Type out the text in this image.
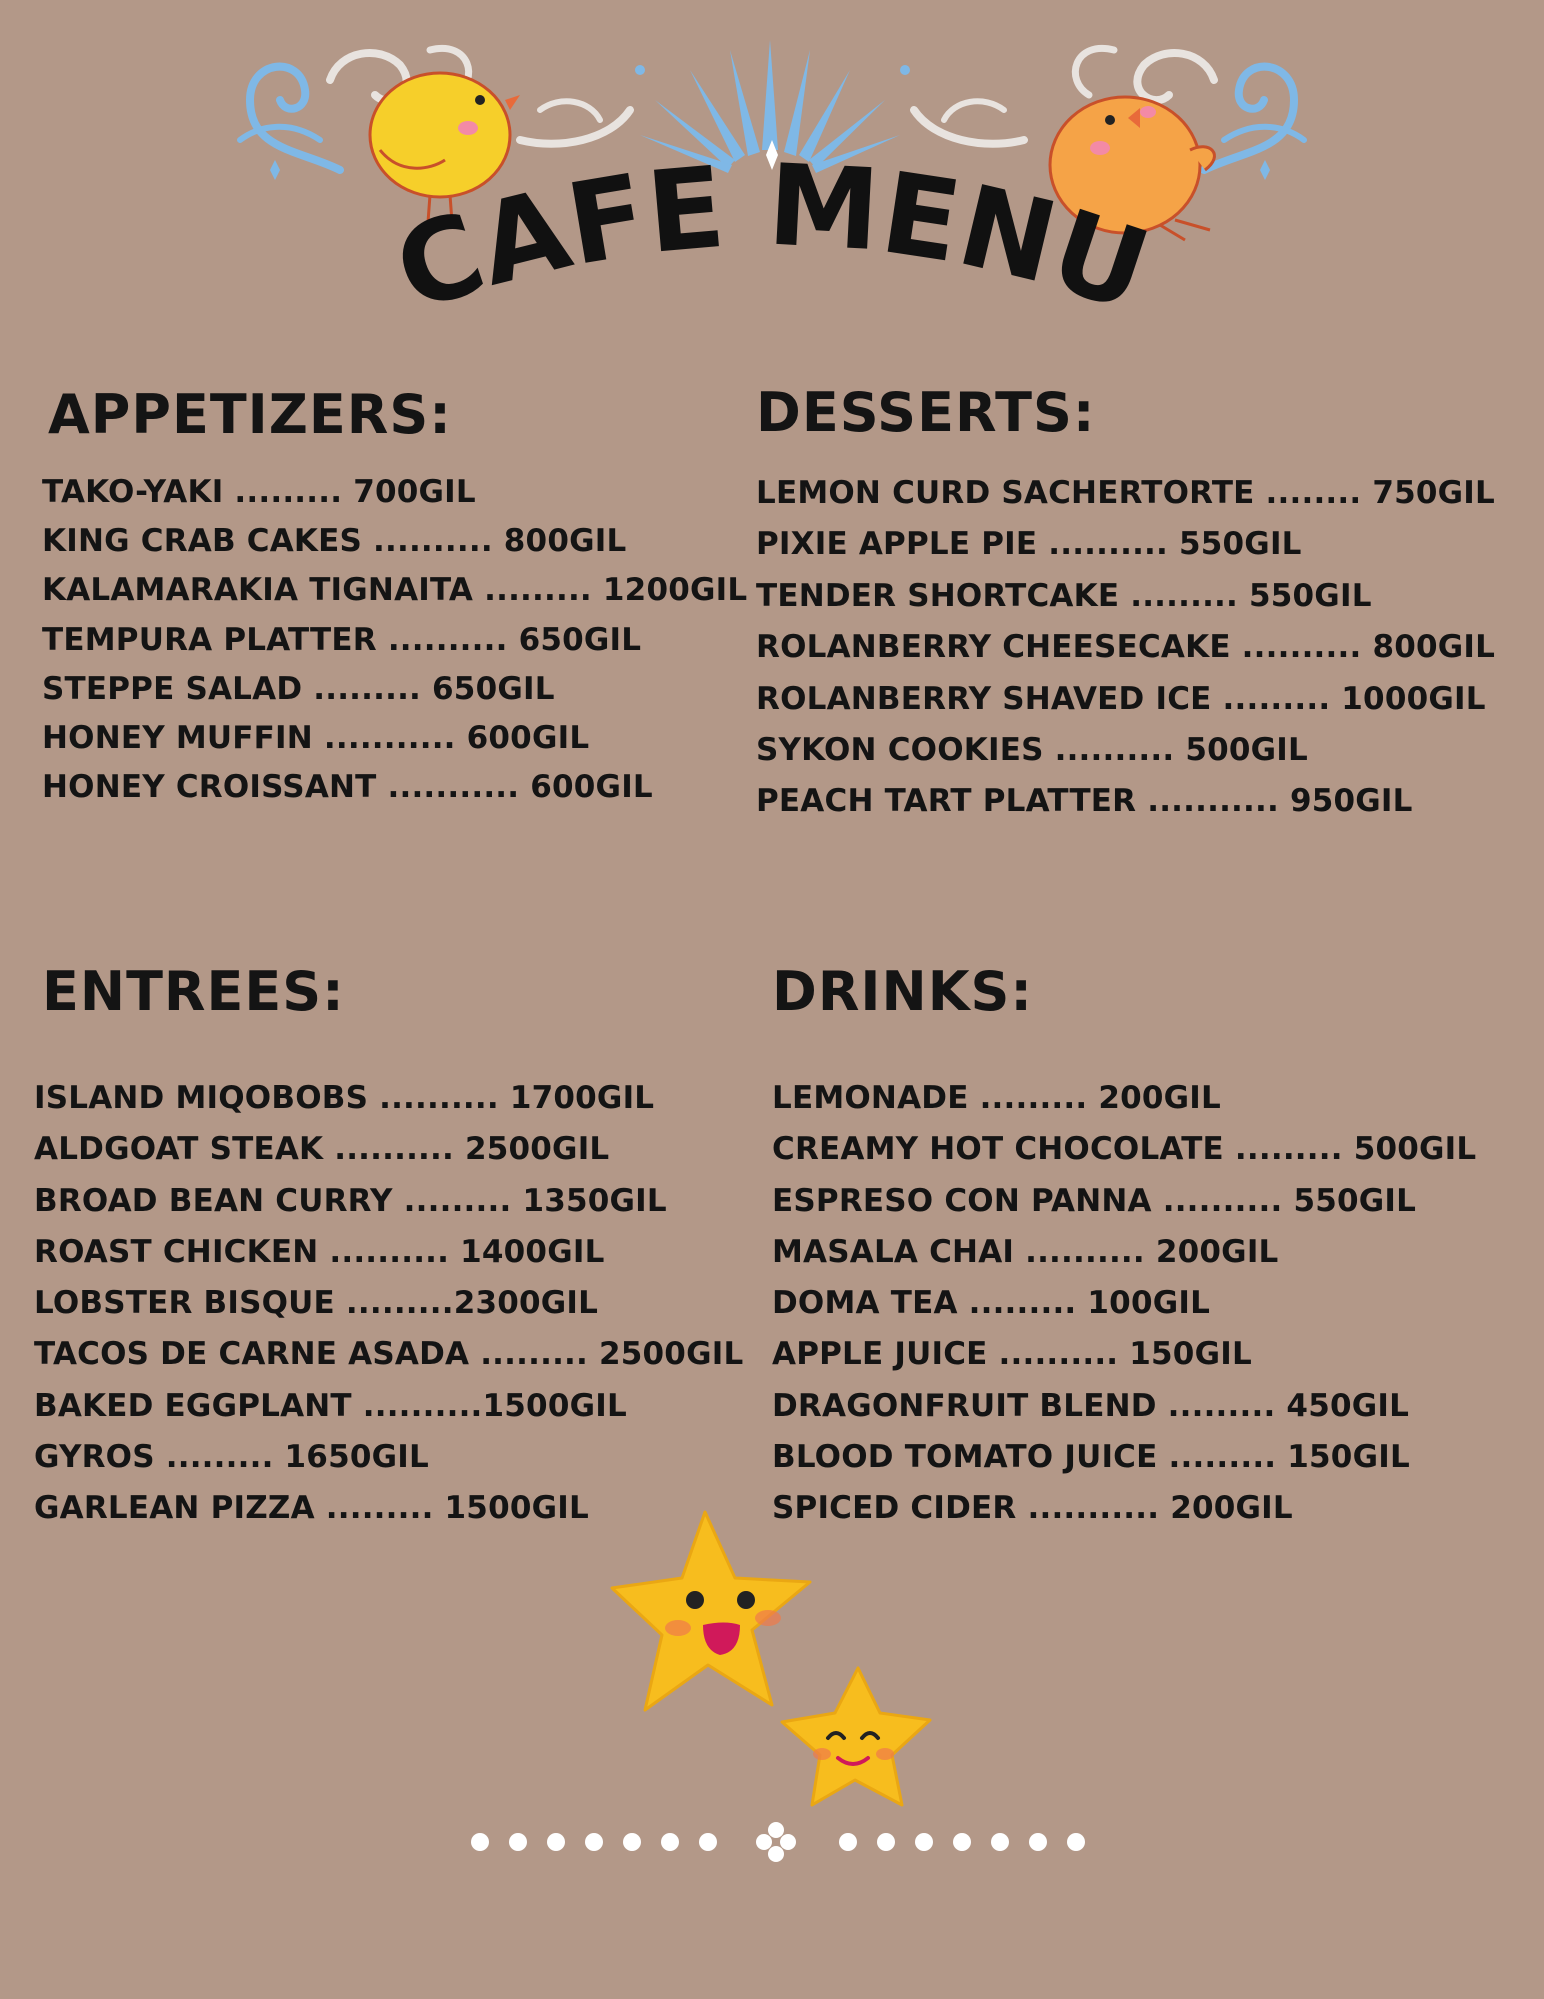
CAFE MENU
APPETIZERS:
TAKO-YAKI ......... 700GIL
KING CRAB CAKES .......... 800GIL
KALAMARAKIA TIGNAITA ......... 1200GIL
TEMPURA PLATTER .......... 650GIL
STEPPE SALAD ......... 650GIL
HONEY MUFFIN ........... 600GIL
HONEY CROISSANT ........... 600GIL
DESSERTS:
LEMON CURD SACHERTORTE ........ 750GIL
PIXIE APPLE PIE .......... 550GIL
TENDER SHORTCAKE ......... 550GIL
ROLANBERRY CHEESECAKE .......... 800GIL
ROLANBERRY SHAVED ICE ......... 1000GIL
SYKON COOKIES .......... 500GIL
PEACH TART PLATTER ........... 950GIL
ENTREES:
ISLAND MIQOBOBS .......... 1700GIL
ALDGOAT STEAK .......... 2500GIL
BROAD BEAN CURRY ......... 1350GIL
ROAST CHICKEN .......... 1400GIL
LOBSTER BISQUE .........2300GIL
TACOS DE CARNE ASADA ......... 2500GIL
BAKED EGGPLANT ..........1500GIL
GYROS ......... 1650GIL
GARLEAN PIZZA ......... 1500GIL
DRINKS:
LEMONADE ......... 200GIL
CREAMY HOT CHOCOLATE ......... 500GIL
ESPRESO CON PANNA .......... 550GIL
MASALA CHAI .......... 200GIL
DOMA TEA ......... 100GIL
APPLE JUICE .......... 150GIL
DRAGONFRUIT BLEND ......... 450GIL
BLOOD TOMATO JUICE ......... 150GIL
SPICED CIDER ........... 200GIL
